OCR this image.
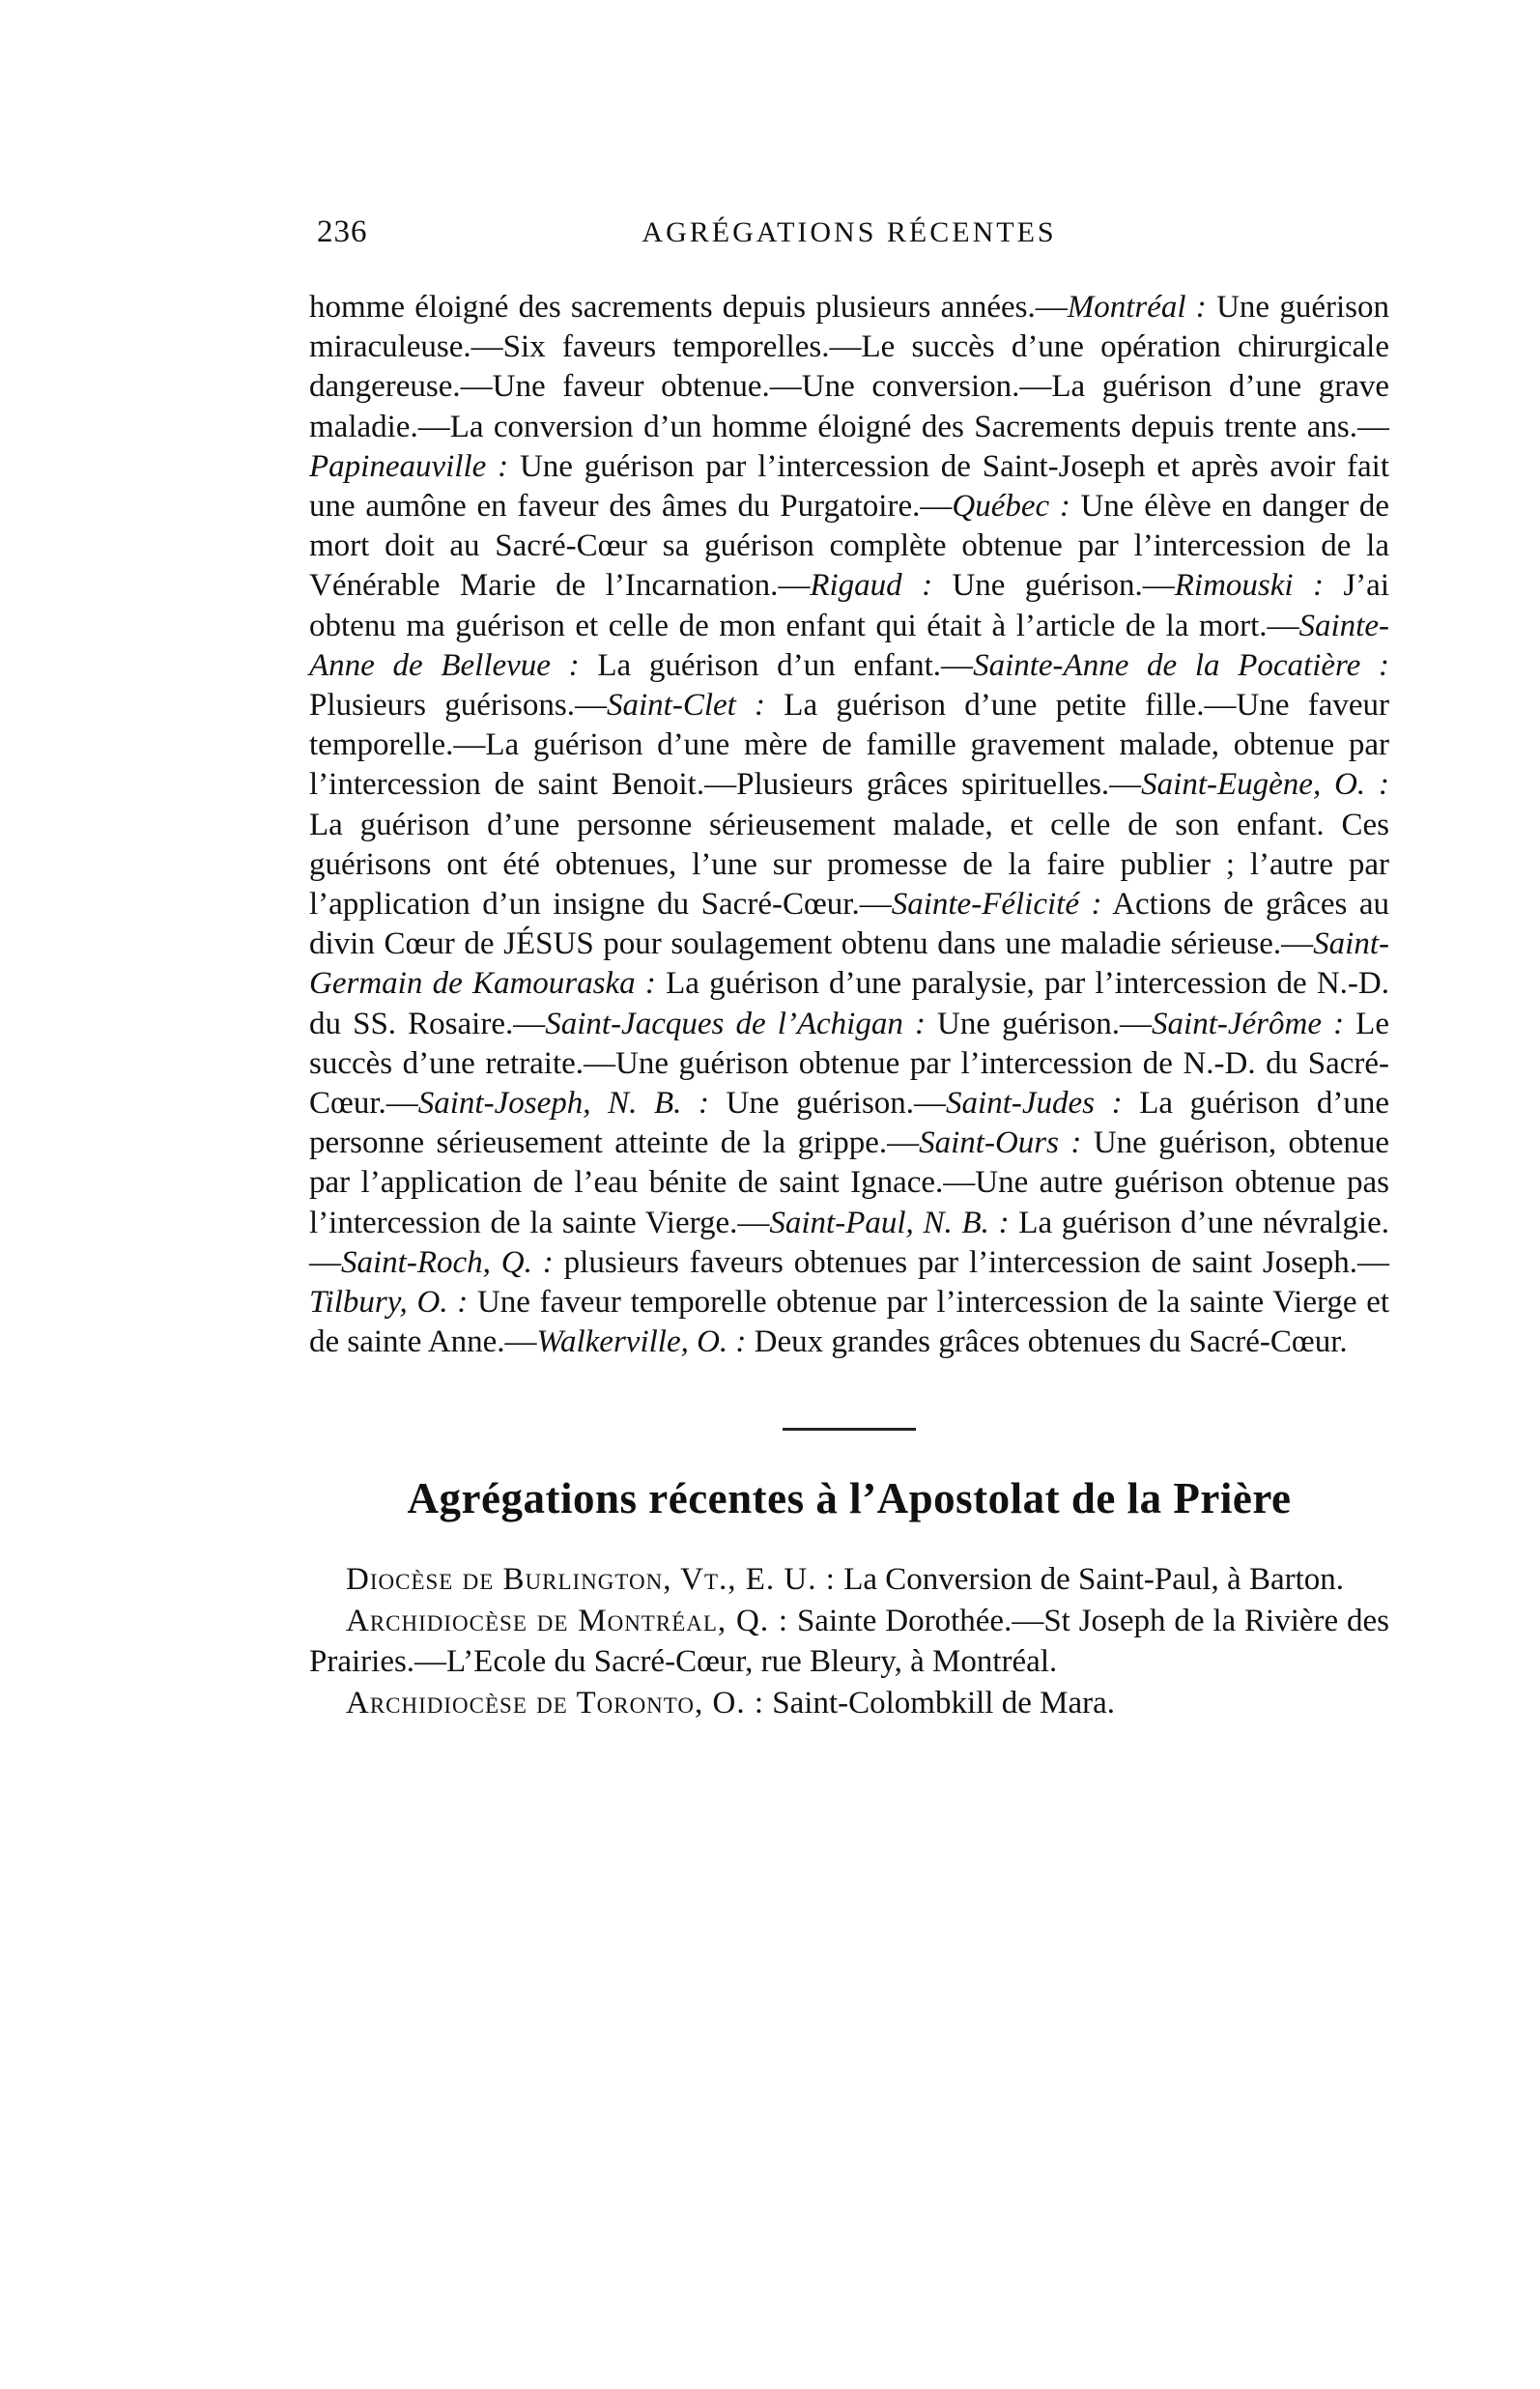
236	AGRÉGATIONS RÉCENTES

homme éloigné des sacrements depuis plusieurs années.—Montréal : Une guérison miraculeuse.—Six faveurs temporelles.—Le succès d’une opération chirurgicale dangereuse.—Une faveur obtenue.—Une conversion.—La guérison d’une grave maladie.—La conversion d’un homme éloigné des Sacrements depuis trente ans.—Papineauville : Une guérison par l’intercession de Saint-Joseph et après avoir fait une aumône en faveur des âmes du Purgatoire.—Québec : Une élève en danger de mort doit au Sacré-Cœur sa guérison complète obtenue par l’intercession de la Vénérable Marie de l’Incarnation.—Rigaud : Une guérison.—Rimouski : J’ai obtenu ma guérison et celle de mon enfant qui était à l’article de la mort.—Sainte-Anne de Bellevue : La guérison d’un enfant.—Sainte-Anne de la Pocatière : Plusieurs guérisons.—Saint-Clet : La guérison d’une petite fille.—Une faveur temporelle.—La guérison d’une mère de famille gravement malade, obtenue par l’intercession de saint Benoit.—Plusieurs grâces spirituelles.—Saint-Eugène, O. : La guérison d’une personne sérieusement malade, et celle de son enfant. Ces guérisons ont été obtenues, l’une sur promesse de la faire publier ; l’autre par l’application d’un insigne du Sacré-Cœur.—Sainte-Félicité : Actions de grâces au divin Cœur de JÉSUS pour soulagement obtenu dans une maladie sérieuse.—Saint-Germain de Kamouraska : La guérison d’une paralysie, par l’intercession de N.-D. du SS. Rosaire.—Saint-Jacques de l’Achigan : Une guérison.—Saint-Jérôme : Le succès d’une retraite.—Une guérison obtenue par l’intercession de N.-D. du Sacré-Cœur.—Saint-Joseph, N. B. : Une guérison.—Saint-Judes : La guérison d’une personne sérieusement atteinte de la grippe.—Saint-Ours : Une guérison, obtenue par l’application de l’eau bénite de saint Ignace.—Une autre guérison obtenue pas l’intercession de la sainte Vierge.—Saint-Paul, N. B. : La guérison d’une névralgie.—Saint-Roch, Q. : plusieurs faveurs obtenues par l’intercession de saint Joseph.—Tilbury, O. : Une faveur temporelle obtenue par l’intercession de la sainte Vierge et de sainte Anne.—Walkerville, O. : Deux grandes grâces obtenues du Sacré-Cœur.

Agrégations récentes à l’Apostolat de la Prière

Diocèse de Burlington, Vt., E. U. : La Conversion de Saint-Paul, à Barton.

Archidiocèse de Montréal, Q. : Sainte Dorothée.—St Joseph de la Rivière des Prairies.—L’Ecole du Sacré-Cœur, rue Bleury, à Montréal.

Archidiocèse de Toronto, O. : Saint-Colombkill de Mara.
